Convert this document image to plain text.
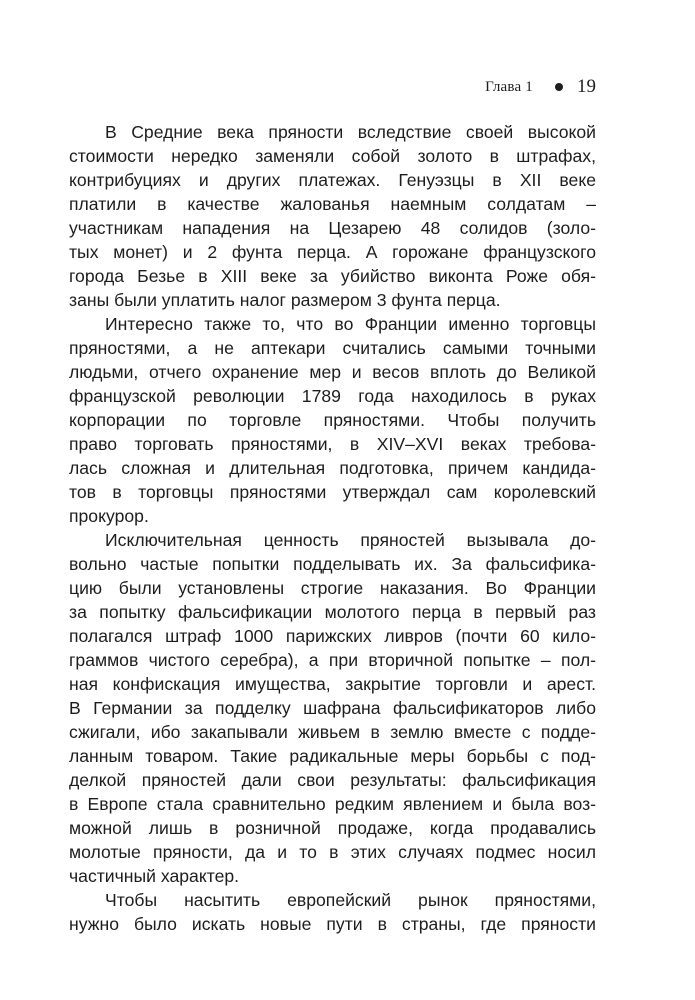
Глава 1 19
В Средние века пряности вследствие своей высокой
стоимости нередко заменяли собой золото в штрафах,
контрибуциях и других платежах. Генуэзцы в XII веке
платили в качестве жалованья наемным солдатам –
участникам нападения на Цезарею 48 солидов (золо-
тых монет) и 2 фунта перца. А горожане французского
города Безье в XIII веке за убийство виконта Роже обя-
заны были уплатить налог размером 3 фунта перца.
Интересно также то, что во Франции именно торговцы
пряностями, а не аптекари считались самыми точными
людьми, отчего охранение мер и весов вплоть до Великой
французской революции 1789 года находилось в руках
корпорации по торговле пряностями. Чтобы получить
право торговать пряностями, в XIV–XVI веках требова-
лась сложная и длительная подготовка, причем кандида-
тов в торговцы пряностями утверждал сам королевский
прокурор.
Исключительная ценность пряностей вызывала до-
вольно частые попытки подделывать их. За фальсифика-
цию были установлены строгие наказания. Во Франции
за попытку фальсификации молотого перца в первый раз
полагался штраф 1000 парижских ливров (почти 60 кило-
граммов чистого серебра), а при вторичной попытке – пол-
ная конфискация имущества, закрытие торговли и арест.
В Германии за подделку шафрана фальсификаторов либо
сжигали, ибо закапывали живьем в землю вместе с подде-
ланным товаром. Такие радикальные меры борьбы с под-
делкой пряностей дали свои результаты: фальсификация
в Европе стала сравнительно редким явлением и была воз-
можной лишь в розничной продаже, когда продавались
молотые пряности, да и то в этих случаях подмес носил
частичный характер.
Чтобы насытить европейский рынок пряностями,
нужно было искать новые пути в страны, где пряности
